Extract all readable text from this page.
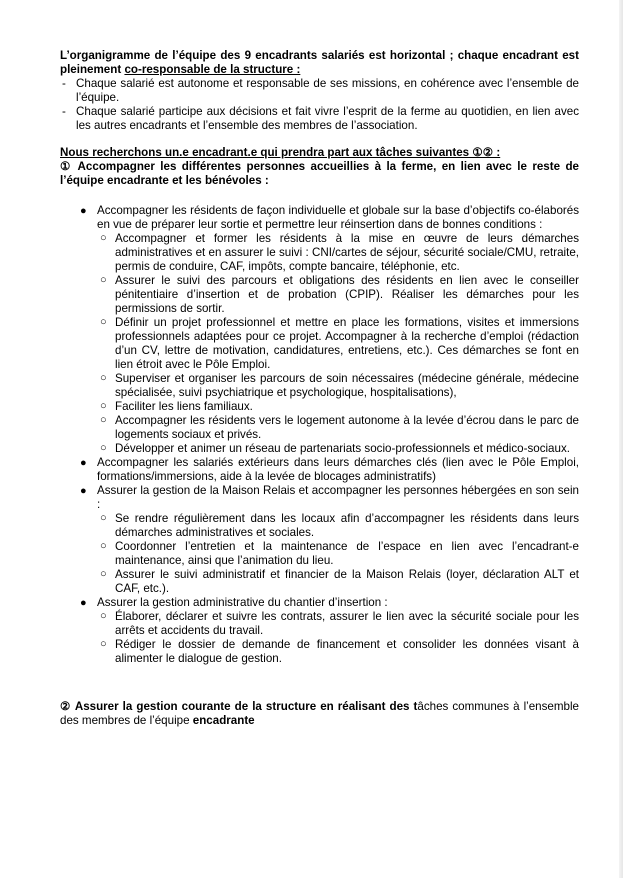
L’organigramme de l’équipe des 9 encadrants salariés est horizontal ; chaque encadrant est pleinement co-responsable de la structure :

- Chaque salarié est autonome et responsable de ses missions, en cohérence avec l’ensemble de l’équipe.
- Chaque salarié participe aux décisions et fait vivre l’esprit de la ferme au quotidien, en lien avec les autres encadrants et l’ensemble des membres de l’association.

Nous recherchons un.e encadrant.e qui prendra part aux tâches suivantes ①② :

① Accompagner les différentes personnes accueillies à la ferme, en lien avec le reste de l’équipe encadrante et les bénévoles :

● Accompagner les résidents de façon individuelle et globale sur la base d’objectifs co-élaborés en vue de préparer leur sortie et permettre leur réinsertion dans de bonnes conditions :
○ Accompagner et former les résidents à la mise en œuvre de leurs démarches administratives et en assurer le suivi : CNI/cartes de séjour, sécurité sociale/CMU, retraite, permis de conduire, CAF, impôts, compte bancaire, téléphonie, etc.
○ Assurer le suivi des parcours et obligations des résidents en lien avec le conseiller pénitentiaire d’insertion et de probation (CPIP). Réaliser les démarches pour les permissions de sortir.
○ Définir un projet professionnel et mettre en place les formations, visites et immersions professionnels adaptées pour ce projet. Accompagner à la recherche d’emploi (rédaction d’un CV, lettre de motivation, candidatures, entretiens, etc.). Ces démarches se font en lien étroit avec le Pôle Emploi.
○ Superviser et organiser les parcours de soin nécessaires (médecine générale, médecine spécialisée, suivi psychiatrique et psychologique, hospitalisations),
○ Faciliter les liens familiaux.
○ Accompagner les résidents vers le logement autonome à la levée d’écrou dans le parc de logements sociaux et privés.
○ Développer et animer un réseau de partenariats socio-professionnels et médico-sociaux.
● Accompagner les salariés extérieurs dans leurs démarches clés (lien avec le Pôle Emploi, formations/immersions, aide à la levée de blocages administratifs)
● Assurer la gestion de la Maison Relais et accompagner les personnes hébergées en son sein :
○ Se rendre régulièrement dans les locaux afin d’accompagner les résidents dans leurs démarches administratives et sociales.
○ Coordonner l’entretien et la maintenance de l’espace en lien avec l’encadrant-e maintenance, ainsi que l’animation du lieu.
○ Assurer le suivi administratif et financier de la Maison Relais (loyer, déclaration ALT et CAF, etc.).
● Assurer la gestion administrative du chantier d’insertion :
○ Élaborer, déclarer et suivre les contrats, assurer le lien avec la sécurité sociale pour les arrêts et accidents du travail.
○ Rédiger le dossier de demande de financement et consolider les données visant à alimenter le dialogue de gestion.

② Assurer la gestion courante de la structure en réalisant des tâches communes à l’ensemble des membres de l’équipe encadrante
